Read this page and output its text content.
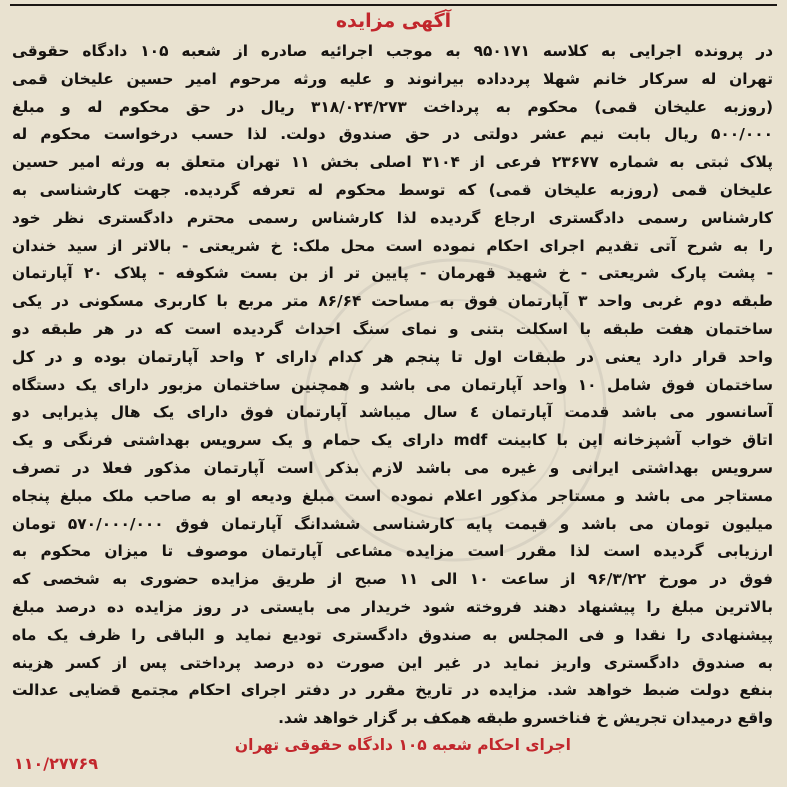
آگهی مزایده
در پرونده اجرایی به کلاسه ۹۵۰۱۷۱ به موجب اجرائیه صادره از شعبه ۱۰۵ دادگاه حقوقی
تهران له سرکار خانم شهلا پردداده بیرانوند و علیه ورثه مرحوم امیر حسین علیخان قمی
(روزبه علیخان قمی) محکوم به پرداخت ۳۱۸/۰۲۴/۲۷۳ ریال در حق محکوم له و مبلغ
۵۰۰/۰۰۰ ریال بابت نیم عشر دولتی در حق صندوق دولت. لذا حسب درخواست محکوم له
پلاک ثبتی به شماره ۲۳۶۷۷ فرعی از ۳۱۰۴ اصلی بخش ۱۱ تهران متعلق به ورثه امیر حسین
علیخان قمی (روزبه علیخان قمی) که توسط محکوم له تعرفه گردیده. جهت کارشناسی به
کارشناس رسمی دادگستری ارجاع گردیده لذا کارشناس رسمی محترم دادگستری نظر خود
را به شرح آتی تقدیم اجرای احکام نموده است محل ملک: خ شریعتی - بالاتر از سید خندان
- پشت پارک شریعتی - خ شهید قهرمان - پایین تر از بن بست شکوفه - پلاک ۲۰ آپارتمان
طبقه دوم غربی واحد ۳ آپارتمان فوق به مساحت ۸۶/۶۴ متر مربع با کاربری مسکونی در یکی
ساختمان هفت طبقه با اسکلت بتنی و نمای سنگ احداث گردیده است که در هر طبقه دو
واحد قرار دارد یعنی در طبقات اول تا پنجم هر کدام دارای ۲ واحد آپارتمان بوده و در کل
ساختمان فوق شامل ۱۰ واحد آپارتمان می باشد و همچنین ساختمان مزبور دارای یک دستگاه
آسانسور می باشد قدمت آپارتمان ٤ سال میباشد آپارتمان فوق دارای یک هال پذیرایی دو
اتاق خواب آشپزخانه اپن با کابینت mdf دارای یک حمام و یک سرویس بهداشتی فرنگی و یک
سرویس بهداشتی ایرانی و غیره می باشد لازم بذکر است آپارتمان مذکور فعلا در تصرف
مستاجر می باشد و مستاجر مذکور اعلام نموده است مبلغ ودیعه او به صاحب ملک مبلغ پنجاه
میلیون تومان می باشد و قیمت پایه کارشناسی ششدانگ آپارتمان فوق ۵۷۰/۰۰۰/۰۰۰ تومان
ارزیابی گردیده است لذا مقرر است مزایده مشاعی آپارتمان موصوف تا میزان محکوم به
فوق در مورخ ۹۶/۳/۲۲ از ساعت ۱۰ الی ۱۱ صبح از طریق مزایده حضوری به شخصی که
بالاترین مبلغ را پیشنهاد دهند فروخته شود خریدار می بایستی در روز مزایده ده درصد مبلغ
پیشنهادی را نقدا و فی المجلس به صندوق دادگستری تودیع نماید و الباقی را ظرف یک ماه
به صندوق دادگستری واریز نماید در غیر این صورت ده درصد پرداختی پس از کسر هزینه
بنفع دولت ضبط خواهد شد. مزایده در تاریخ مقرر در دفتر اجرای احکام مجتمع قضایی عدالت
واقع درمیدان تجریش خ فناخسرو طبقه همکف بر گزار خواهد شد.
اجرای احکام شعبه ۱۰۵ دادگاه حقوقی تهران
۱۱۰/۲۷۷۶۹
